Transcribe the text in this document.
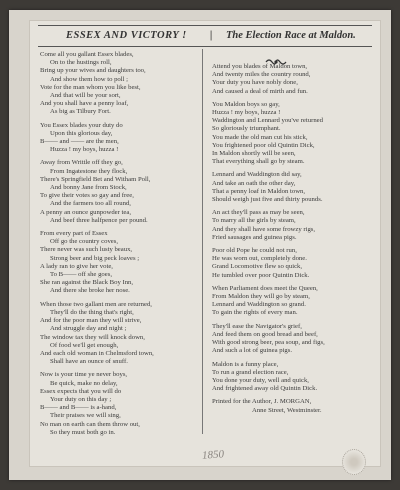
ESSEX AND VICTORY ! | The Election Race at Maldon.
Come all you gallant Essex blades,
On to the hustings roll,
Bring up your wives and daughters too,
And show them how to poll ;
Vote for the man whom you like best,
And that will be your sort,
And you shall have a penny loaf,
As big as Tilbury Fort.
You Essex blades your duty do
Upon this glorious day,
B—— and —— are the men,
Huzza ! my boys, huzza !
Away from Writtle off they go,
From Ingatestone they flock,
There's Springfield Bet and Witham Poll,
And bonny Jane from Stock,
To give their votes so gay and free,
And the farmers too all round,
A penny an ounce gunpowder tea,
And beef three halfpence per pound.
From every part of Essex
Off go the country coves,
There never was such lusty beaux,
Strong beer and big peck loaves ;
A lady ran to give her vote,
To B—— off she goes,
She ran against the Black Boy Inn,
And there she broke her nose.
When those two gallant men are returned,
They'll do the thing that's right,
And for the poor man they will strive,
And struggle day and night ;
The window tax they will knock down,
Of food we'll get enough,
And each old woman in Chelmsford town,
Shall have an ounce of snuff.
Now is your time ye never boys,
Be quick, make no delay,
Essex expects that you will do
Your duty on this day ;
B—— and B—— is a-hand,
Their praises we will sing,
No man on earth can them throw out,
So they must both go in.
Attend you blades of Maldon town,
And twenty miles the country round,
Your duty you have nobly done,
And caused a deal of mirth and fun.
You Maldon boys so gay,
Huzza ! my boys, huzza !
Waddington and Lennard you've returned
So gloriously triumphant.
You made the old man cut his stick,
You frightened poor old Quintin Dick,
In Maldon shortly will be seen,
That everything shall go by steam.
Lennard and Waddington did say,
And take an oath the other day,
That a penny loaf in Maldon town,
Should weigh just five and thirty pounds.
An act they'll pass as may be seen,
To marry all the girls by steam,
And they shall have some frowzy rigs,
Fried sausages and guinea pigs.
Poor old Pope he could not run,
He was worn out, completely done.
Grand Locomotive flew so quick,
He tumbled over poor Quintin Dick.
When Parliament does meet the Queen,
From Maldon they will go by steam,
Lennard and Waddington so grand.
To gain the rights of every man.
They'll ease the Navigator's grief,
And feed them on good bread and beef,
With good strong beer, pea soup, and figs,
And such a lot of guinea pigs.
Maldon is a funny place,
To run a grand election race,
You done your duty, well and quick,
And frightened away old Quintin Dick.
Printed for the Author, J. MORGAN,
Anne Street, Westminster.
1850
